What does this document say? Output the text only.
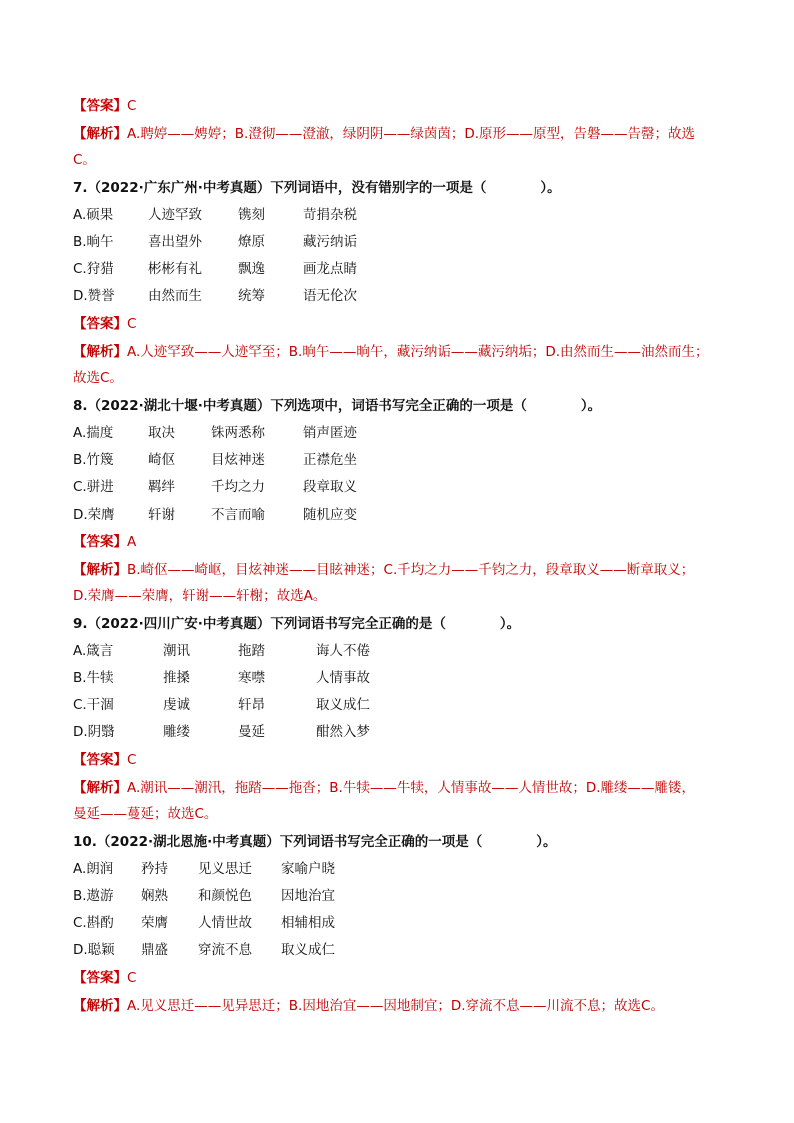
【答案】C
【解析】A.聘婷——娉婷；B.澄彻——澄澈，绿阴阴——绿茵茵；D.原形——原型，告磐——告罄；故选
C。
7.（2022·广东广州·中考真题）下列词语中，没有错别字的一项是（　　　　）。
A.硕果	人迹罕致	镌刻	苛捐杂税
B.晌午	喜出望外	燎原	藏污纳诟
C.狩猎	彬彬有礼	飘逸	画龙点睛
D.赞誉 由然而生	统筹	语无伦次
【答案】C
【解析】A.人迹罕致——人迹罕至；B.晌午——晌午，藏污纳诟——藏污纳垢；D.由然而生——油然而生；
故选C。
8.（2022·湖北十堰·中考真题）下列选项中，词语书写完全正确的一项是（　　　　）。
A.揣度	取决	铢两悉称	销声匿迹
B.竹篾	崎伛	目炫神迷	正襟危坐
C.骈进	羁绊	千均之力	段章取义
D.荣膺 轩谢	不言而喻	随机应变
【答案】A
【解析】B.崎伛——崎岖，目炫神迷——目眩神迷；C.千均之力——千钧之力，段章取义——断章取义；
D.荣膺——荣膺，轩谢——轩榭；故选A。
9.（2022·四川广安·中考真题）下列词语书写完全正确的是（　　　　）。
A.箴言	潮讯	拖踏	诲人不倦
B.牛犊	推搡	寒噤	人情事故
C.干涸	虔诚	轩昂	取义成仁
D.阴翳	雕缕	曼延	酣然入梦
【答案】C
【解析】A.潮讯——潮汛，拖踏——拖沓；B.牛犊——牛犊，人情事故——人情世故；D.雕缕——雕镂，
曼延——蔓延；故选C。
10.（2022·湖北恩施·中考真题）下列词语书写完全正确的一项是（　　　　）。
A.朗润 矜持 见义思迁 家喻户晓
B.遨游 娴熟 和颜悦色 因地治宜
C.斟酌 荣膺 人情世故 相辅相成
D.聪颖 鼎盛 穿流不息 取义成仁
【答案】C
【解析】A.见义思迁——见异思迁；B.因地治宜——因地制宜；D.穿流不息——川流不息；故选C。
